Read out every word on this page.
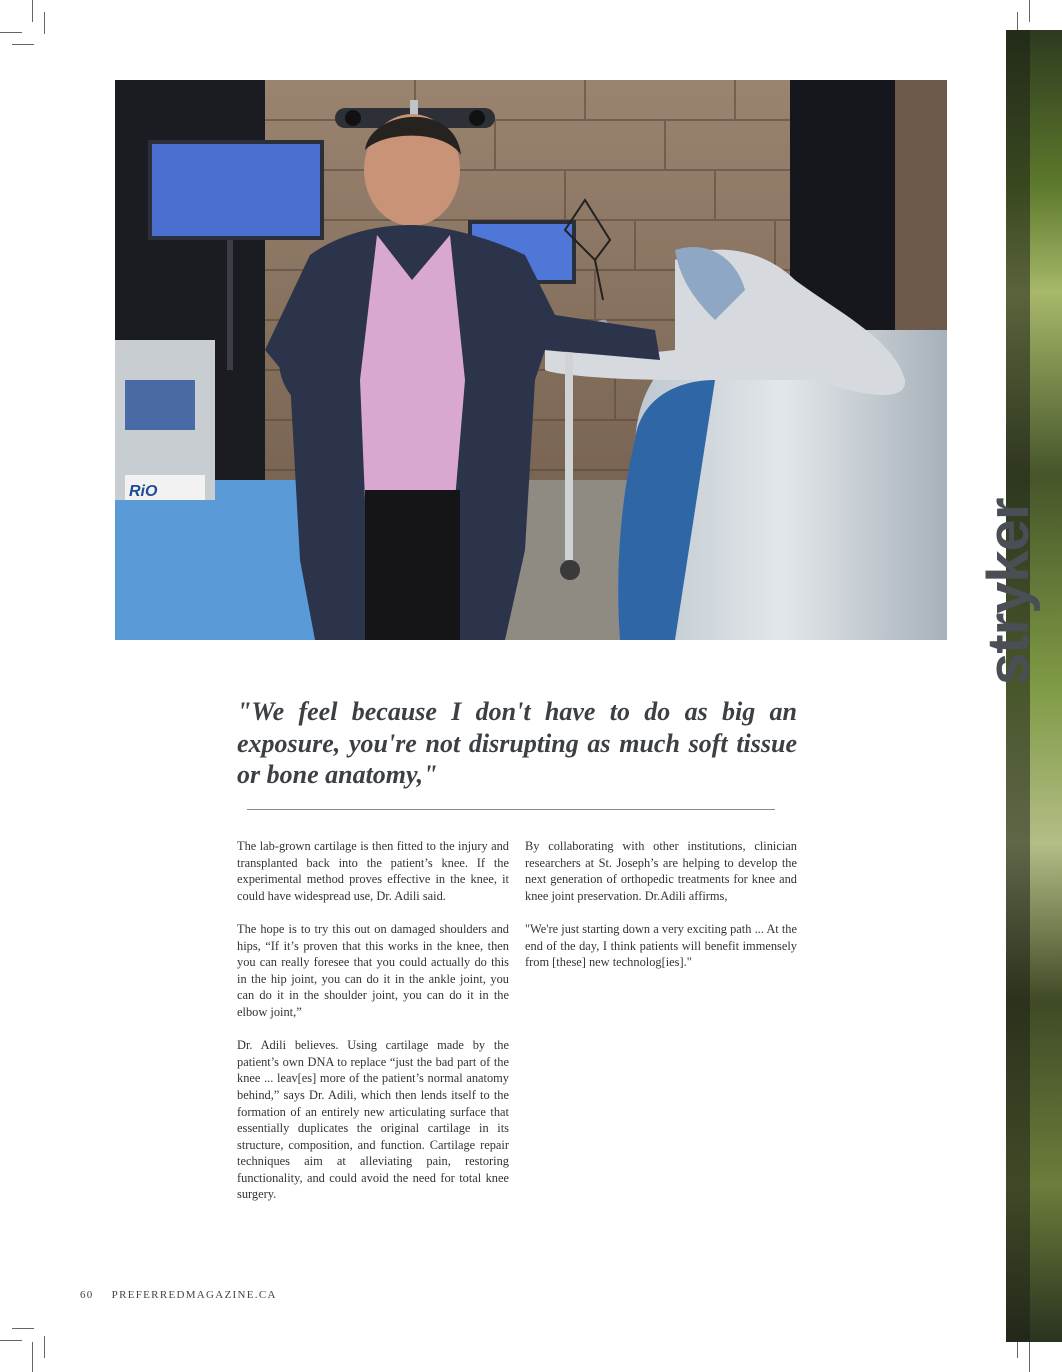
RiO
stryker
"We feel because I don't have to do as big an exposure, you're not disrupting as much soft tissue or bone anatomy,"

The lab-grown cartilage is then fitted to the injury and transplanted back into the patient’s knee. If the experimental method proves effective in the knee, it could have widespread use, Dr. Adili said.

The hope is to try this out on damaged shoulders and hips, “If it’s proven that this works in the knee, then you can really foresee that you could actually do this in the hip joint, you can do it in the ankle joint, you can do it in the shoulder joint, you can do it in the elbow joint,”

Dr. Adili believes. Using cartilage made by the patient’s own DNA to replace “just the bad part of the knee ... leav[es] more of the patient’s normal anatomy behind,” says Dr. Adili, which then lends itself to the formation of an entirely new articulating surface that essentially duplicates the original cartilage in its structure, composition, and function. Cartilage repair techniques aim at alleviating pain, restoring functionality, and could avoid the need for total knee surgery.

By collaborating with other institutions, clinician researchers at St. Joseph’s are helping to develop the next generation of orthopedic treatments for knee and knee joint preservation. Dr.Adili affirms,

"We're just starting down a very exciting path ... At the end of the day, I think patients will benefit immensely from [these] new technolog[ies]."

60 PREFERREDMAGAZINE.CA
